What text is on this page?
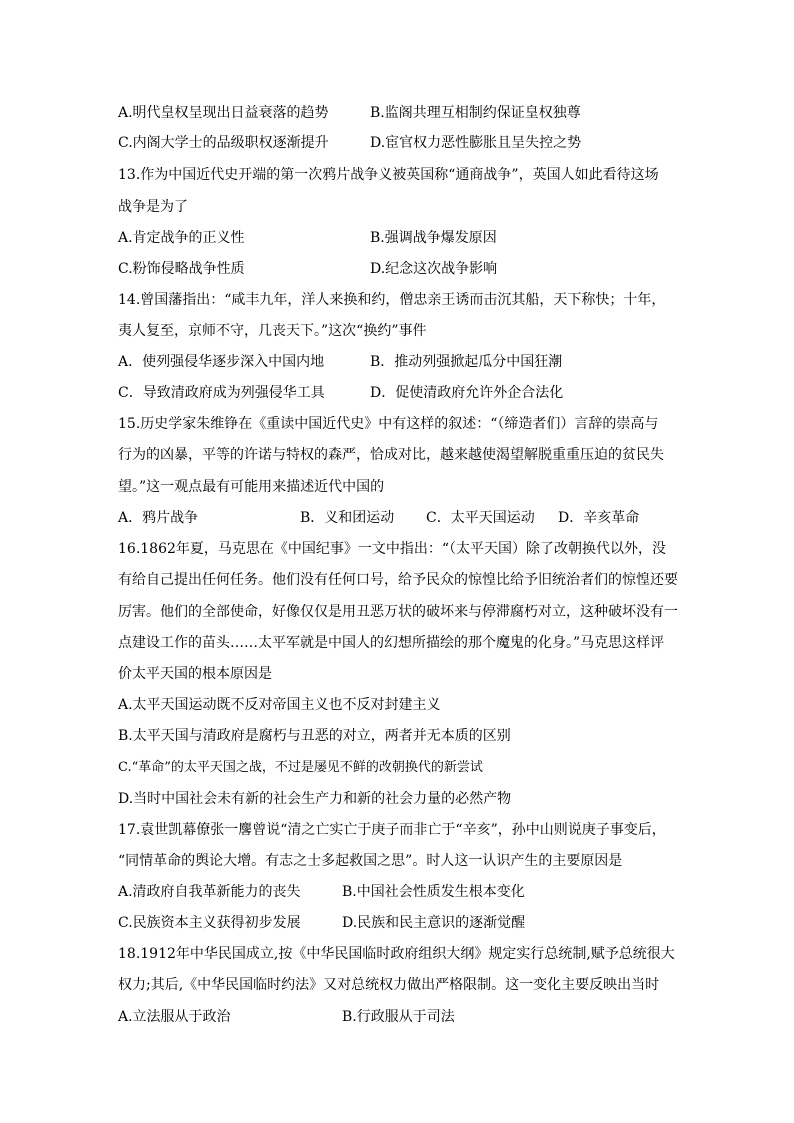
A.明代皇权呈现出日益衰落的趋势	B.监阁共理互相制约保证皇权独尊
C.内阁大学士的品级职权逐渐提升	D.宦官权力恶性膨胀且呈失控之势
13.作为中国近代史开端的第一次鸦片战争义被英国称“通商战争”，英国人如此看待这场
战争是为了
A.肯定战争的正义性	B.强调战争爆发原因
C.粉饰侵略战争性质	D.纪念这次战争影响
14.曾国藩指出：“咸丰九年，洋人来换和约，僧忠亲王诱而击沉其船，天下称快；十年，
夷人复至，京师不守，几丧天下。”这次“换约”事件
A．使列强侵华逐步深入中国内地	B．推动列强掀起瓜分中国狂潮
C．导致清政府成为列强侵华工具	D．促使清政府允许外企合法化
15.历史学家朱维铮在《重读中国近代史》中有这样的叙述：“（缔造者们）言辞的崇高与
行为的凶暴，平等的许诺与特权的森严，恰成对比，越来越使渴望解脱重重压迫的贫民失
望。”这一观点最有可能用来描述近代中国的
A．鸦片战争	B．义和团运动 C．太平天国运动 D．辛亥革命
16.1862年夏，马克思在《中国纪事》一文中指出：“（太平天国）除了改朝换代以外，没
有给自己提出任何任务。他们没有任何口号，给予民众的惊惶比给予旧统治者们的惊惶还要
厉害。他们的全部使命，好像仅仅是用丑恶万状的破坏来与停滞腐朽对立，这种破坏没有一
点建设工作的苗头……太平军就是中国人的幻想所描绘的那个魔鬼的化身。”马克思这样评
价太平天国的根本原因是
A.太平天国运动既不反对帝国主义也不反对封建主义
B.太平天国与清政府是腐朽与丑恶的对立，两者并无本质的区别
C.“革命”的太平天国之战，不过是屡见不鲜的改朝换代的新尝试
D.当时中国社会未有新的社会生产力和新的社会力量的必然产物
17.袁世凯幕僚张一麐曾说“清之亡实亡于庚子而非亡于“辛亥”，孙中山则说庚子事变后，
“同情革命的舆论大增。有志之士多起救国之思”。时人这一认识产生的主要原因是
A.清政府自我革新能力的丧失	B.中国社会性质发生根本变化
C.民族资本主义获得初步发展	D.民族和民主意识的逐渐觉醒
18.1912年中华民国成立,按《中华民国临时政府组织大纲》规定实行总统制,赋予总统很大
权力;其后,《中华民国临时约法》又对总统权力做出严格限制。这一变化主要反映出当时
A.立法服从于政治	B.行政服从于司法
